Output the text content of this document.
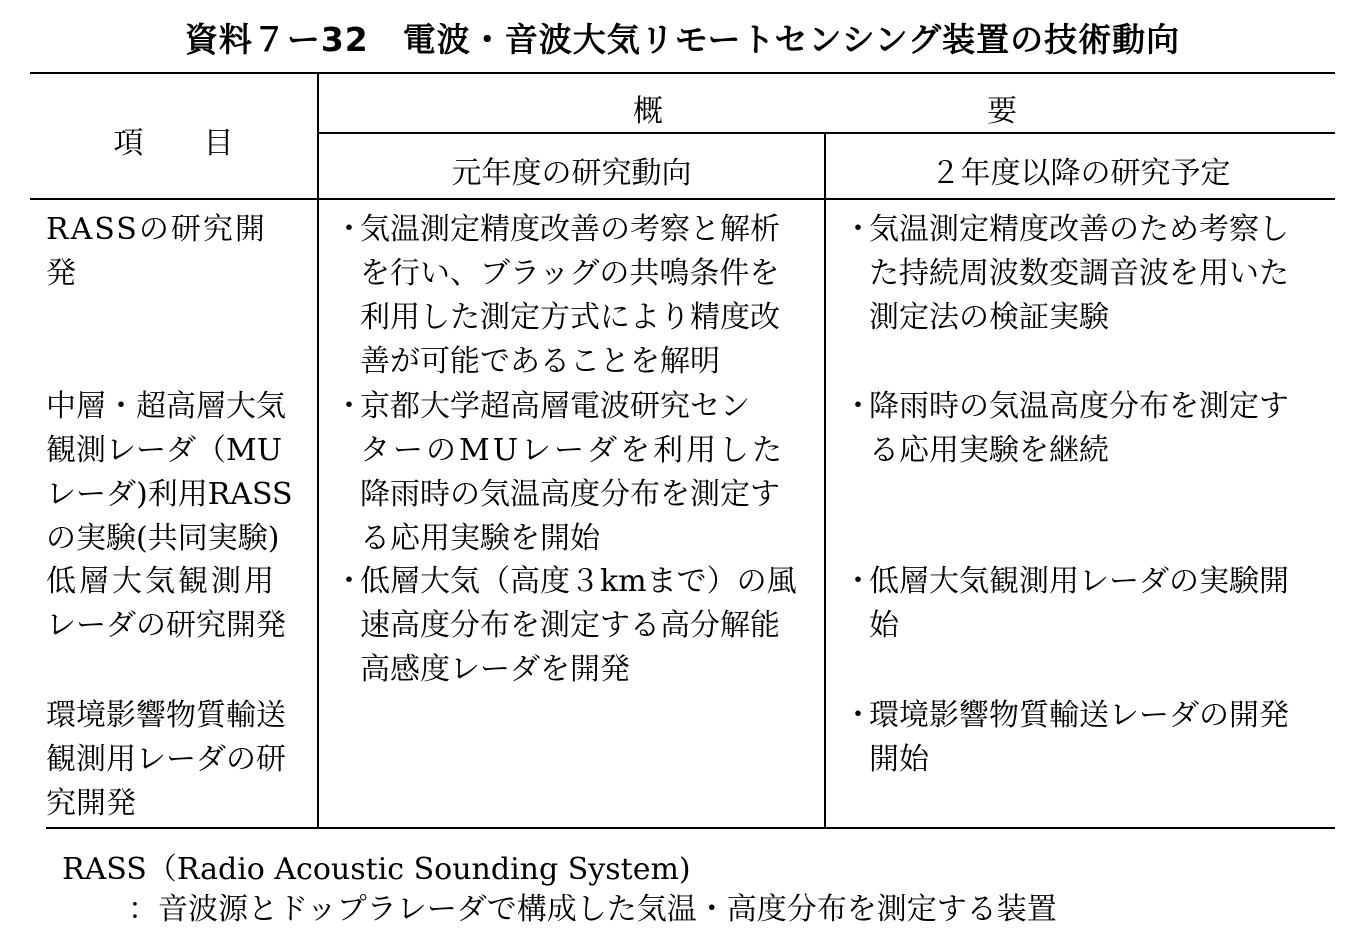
資料７ー32　電波・音波大気リモートセンシング装置の技術動向
項　　目
概	要
元年度の研究動向	２年度以降の研究予定
RASSの研究開
発
・
気温測定精度改善の考察と解析
を行い、ブラッグの共鳴条件を
利用した測定方式により精度改
善が可能であることを解明
・
気温測定精度改善のため考察し
た持続周波数変調音波を用いた
測定法の検証実験
中層・超高層大気
観測レーダ（MU
レーダ)利用RASS
の実験(共同実験)
・
京都大学超高層電波研究セン
ターのMUレーダを利用した
降雨時の気温高度分布を測定す
る応用実験を開始
・
降雨時の気温高度分布を測定す
る応用実験を継続
低層大気観測用
レーダの研究開発
・
低層大気（高度３kmまで）の風
速高度分布を測定する高分解能
高感度レーダを開発
・
低層大気観測用レーダの実験開
始
環境影響物質輸送
観測用レーダの研
究開発
・
環境影響物質輸送レーダの開発
開始
RASS（Radio Acoustic Sounding System)
：音波源とドップラレーダで構成した気温・高度分布を測定する装置
